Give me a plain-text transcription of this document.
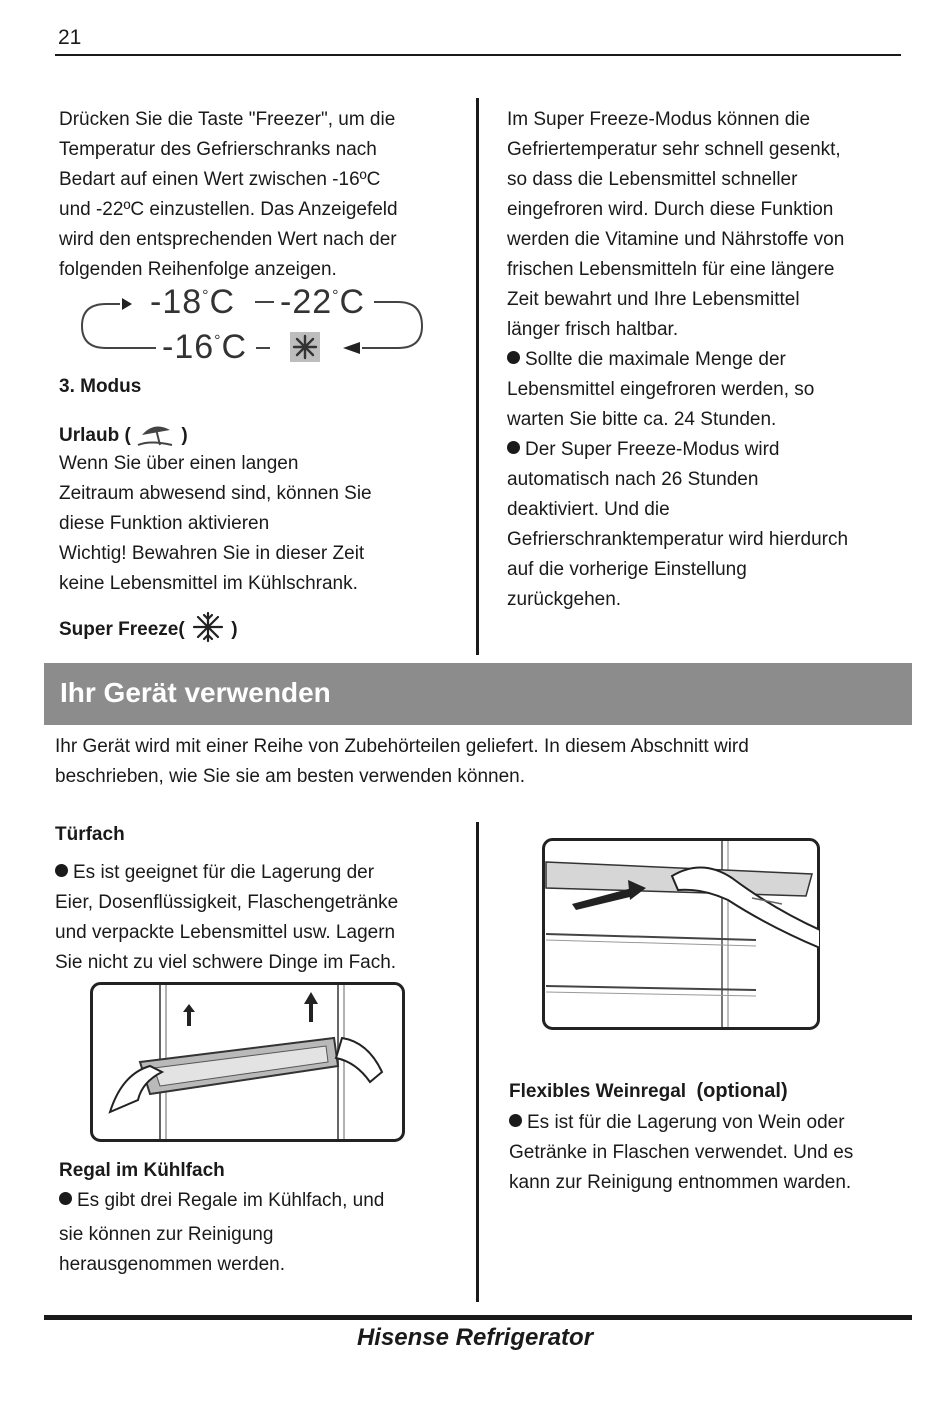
21

Drücken Sie die Taste "Freezer", um die

Temperatur des Gefrierschranks nach

Bedart auf einen Wert zwischen -16ºC

und -22ºC einzustellen. Das Anzeigefeld

wird den entsprechenden Wert nach der

folgenden Reihenfolge anzeigen.

-18°C -22°C
-16°C
3. Modus
Urlaub (	)

Wenn Sie über einen langen

Zeitraum abwesend sind, können Sie

diese Funktion aktivieren

Wichtig! Bewahren Sie in dieser Zeit

keine Lebensmittel im Kühlschrank.

Super Freeze( )

Im Super Freeze-Modus können die

Gefriertemperatur sehr schnell gesenkt,

so dass die Lebensmittel schneller

eingefroren wird. Durch diese Funktion

werden die Vitamine und Nährstoffe von

frischen Lebensmitteln für eine längere

Zeit bewahrt und Ihre Lebensmittel

länger frisch haltbar.

Sollte die maximale Menge der

Lebensmittel eingefroren werden, so

warten Sie bitte ca. 24 Stunden.

Der Super Freeze-Modus wird

automatisch nach 26 Stunden

deaktiviert. Und die

Gefrierschranktemperatur wird hierdurch

auf die vorherige Einstellung

zurückgehen.

Ihr Gerät verwenden

Ihr Gerät wird mit einer Reihe von Zubehörteilen geliefert. In diesem Abschnitt wird

beschrieben, wie Sie sie am besten verwenden können.

Türfach

Es ist geeignet für die Lagerung der

Eier, Dosenflüssigkeit, Flaschengetränke

und verpackte Lebensmittel usw. Lagern

Sie nicht zu viel schwere Dinge im Fach.

Regal im Kühlfach

Es gibt drei Regale im Kühlfach, und

sie können zur Reinigung

herausgenommen werden.

Flexibles Weinregal (optional)

Es ist für die Lagerung von Wein oder

Getränke in Flaschen verwendet. Und es

kann zur Reinigung entnommen warden.

Hisense Refrigerator
